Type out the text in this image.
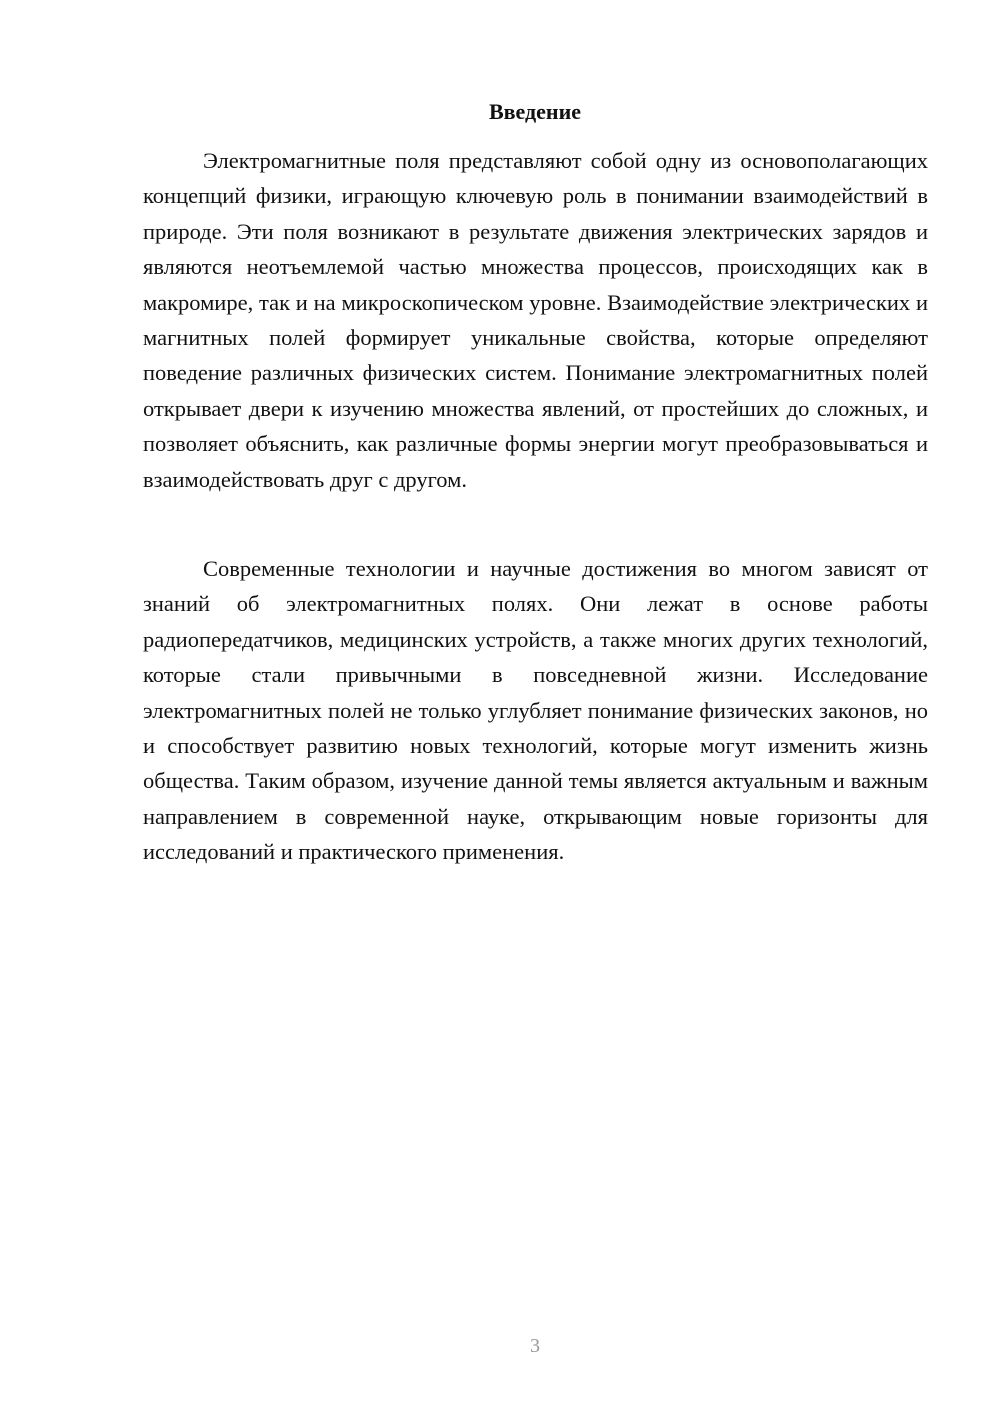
Введение

Электромагнитные поля представляют собой одну из основополагающих концепций физики, играющую ключевую роль в понимании взаимодействий в природе. Эти поля возникают в результате движения электрических зарядов и являются неотъемлемой частью множества процессов, происходящих как в макромире, так и на микроскопическом уровне. Взаимодействие электрических и магнитных полей формирует уникальные свойства, которые определяют поведение различных физических систем. Понимание электромагнитных полей открывает двери к изучению множества явлений, от простейших до сложных, и позволяет объяснить, как различные формы энергии могут преобразовываться и взаимодействовать друг с другом.

Современные технологии и научные достижения во многом зависят от знаний об электромагнитных полях. Они лежат в основе работы радиопередатчиков, медицинских устройств, а также многих других технологий, которые стали привычными в повседневной жизни. Исследование электромагнитных полей не только углубляет понимание физических законов, но и способствует развитию новых технологий, которые могут изменить жизнь общества. Таким образом, изучение данной темы является актуальным и важным направлением в современной науке, открывающим новые горизонты для исследований и практического применения.

3
